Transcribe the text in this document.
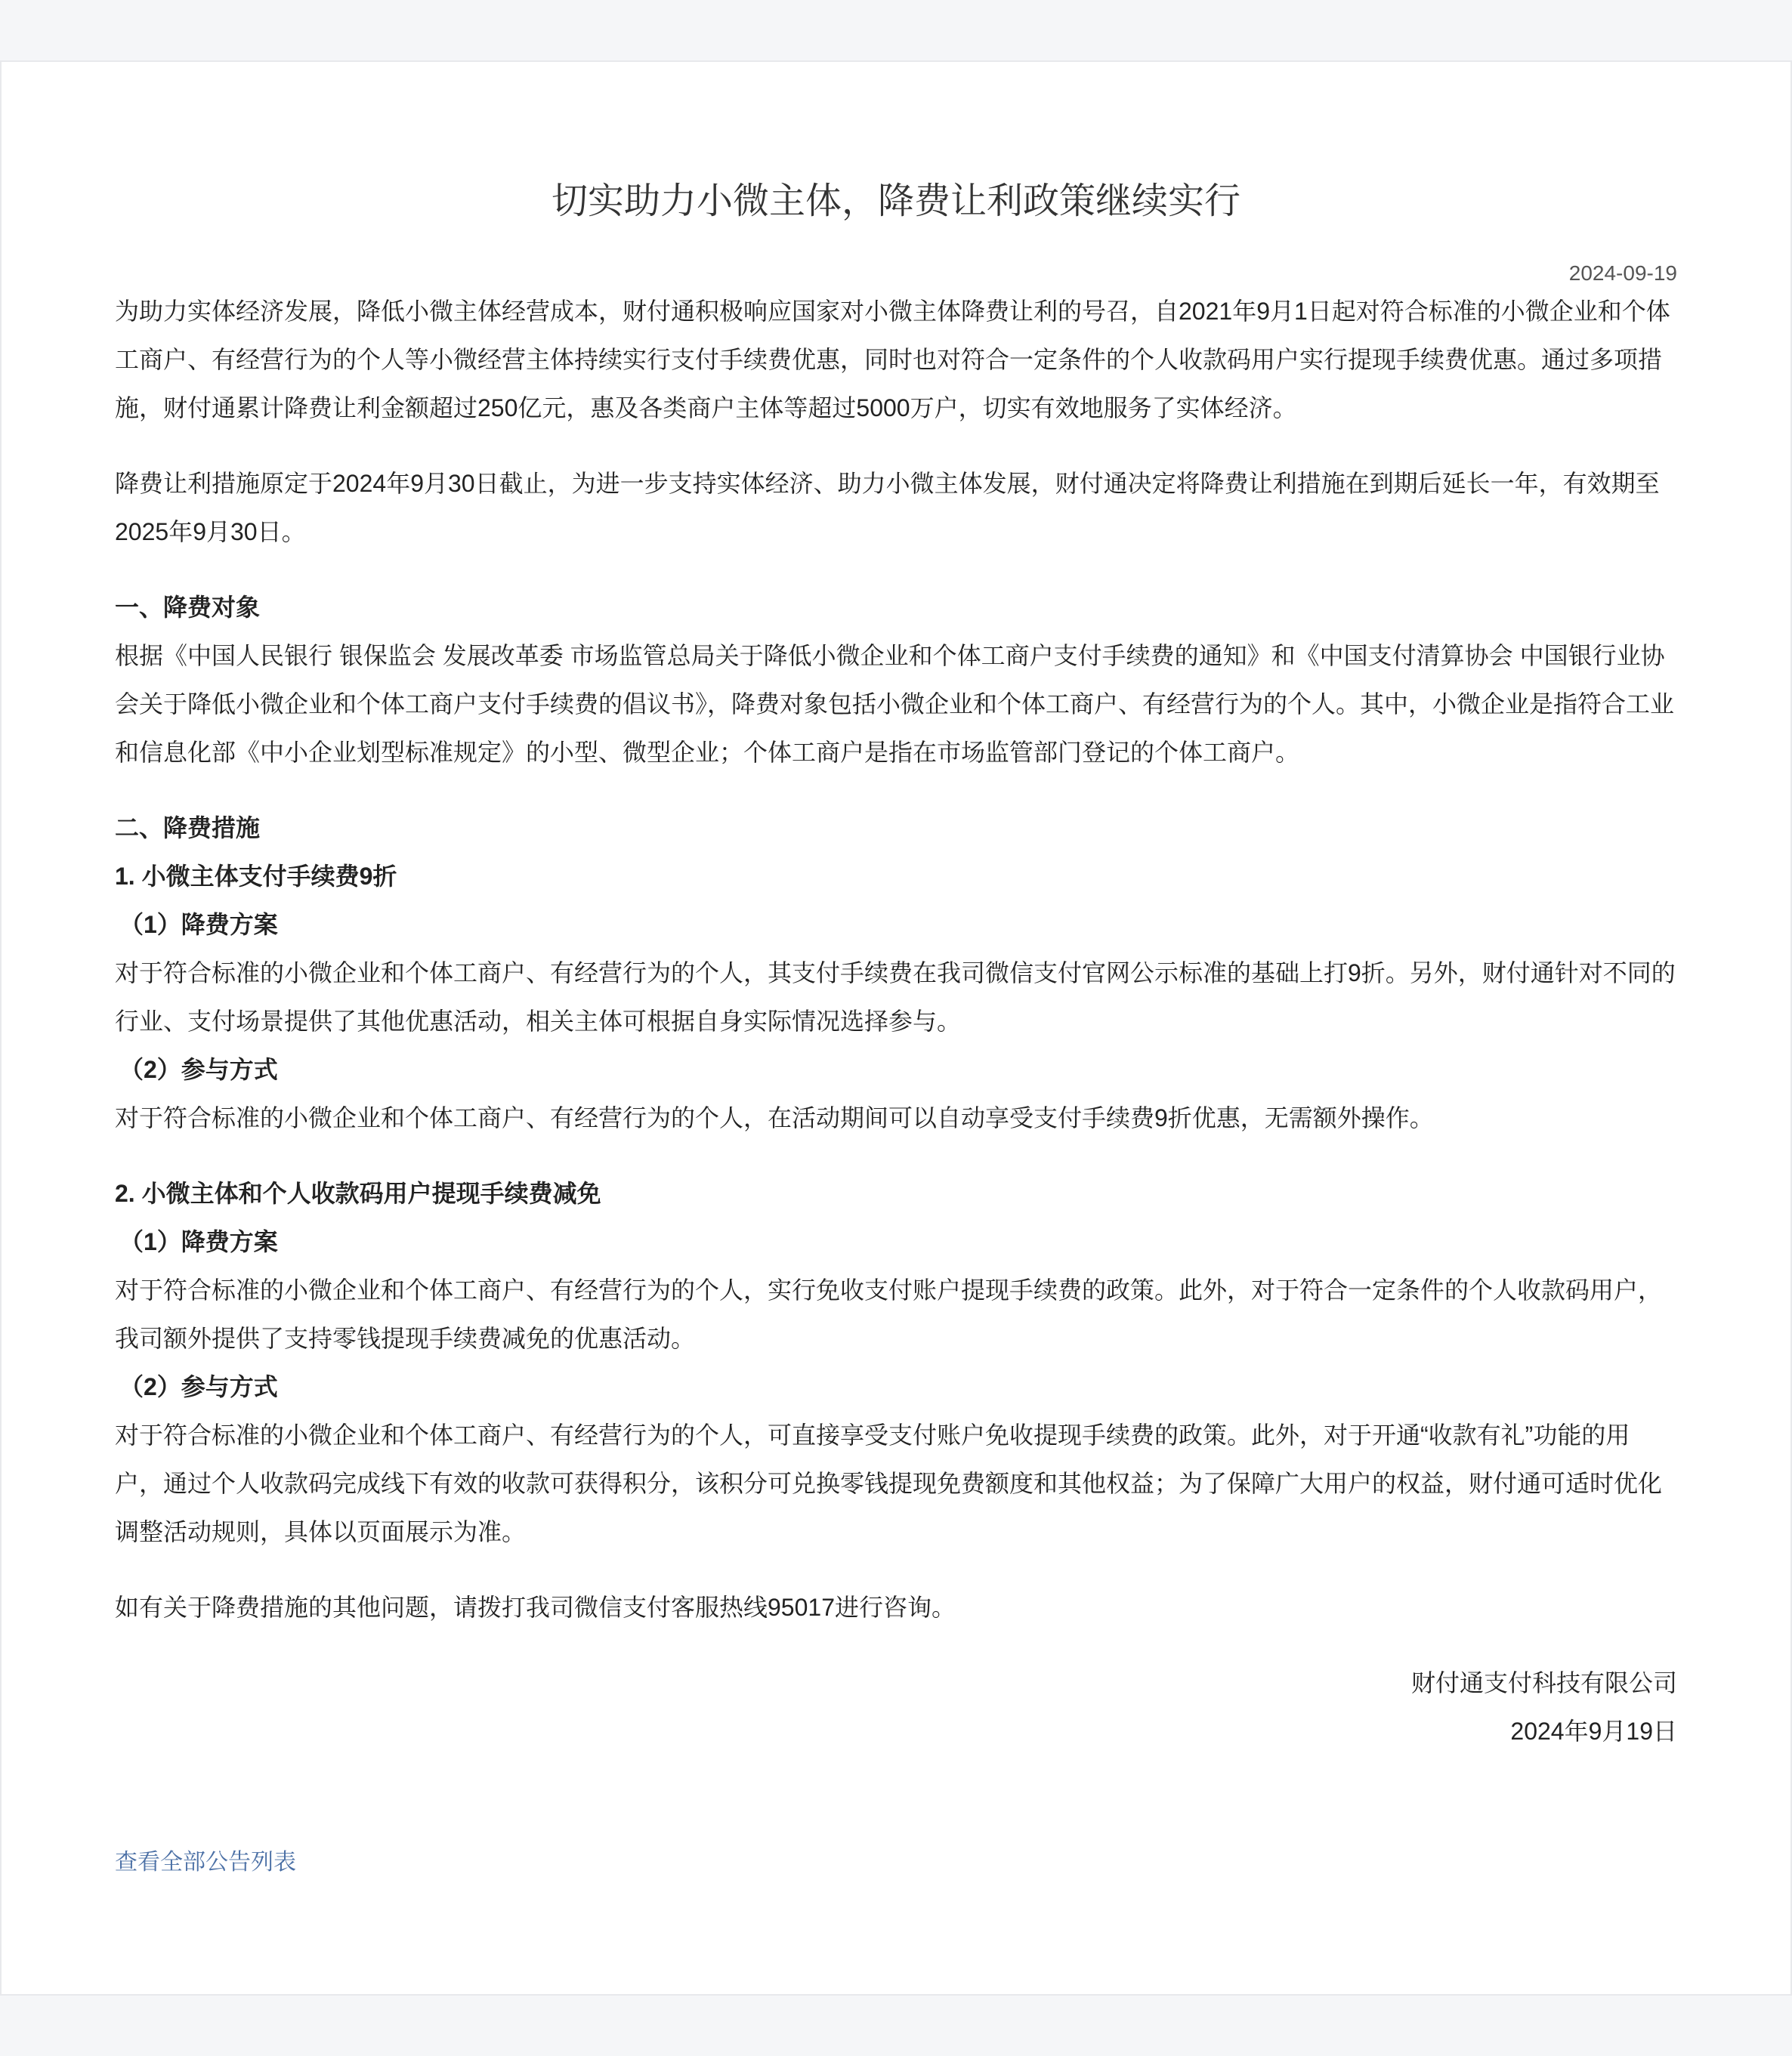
切实助力小微主体，降费让利政策继续实行
2024-09-19

为助力实体经济发展，降低小微主体经营成本，财付通积极响应国家对小微主体降费让利的号召，自2021年9月1日起对符合标准的小微企业和个体工商户、有经营行为的个人等小微经营主体持续实行支付手续费优惠，同时也对符合一定条件的个人收款码用户实行提现手续费优惠。通过多项措施，财付通累计降费让利金额超过250亿元，惠及各类商户主体等超过5000万户，切实有效地服务了实体经济。

降费让利措施原定于2024年9月30日截止，为进一步支持实体经济、助力小微主体发展，财付通决定将降费让利措施在到期后延长一年，有效期至2025年9月30日。

一、降费对象

根据《中国人民银行 银保监会 发展改革委 市场监管总局关于降低小微企业和个体工商户支付手续费的通知》和《中国支付清算协会 中国银行业协会关于降低小微企业和个体工商户支付手续费的倡议书》，降费对象包括小微企业和个体工商户、有经营行为的个人。其中，小微企业是指符合工业和信息化部《中小企业划型标准规定》的小型、微型企业；个体工商户是指在市场监管部门登记的个体工商户。

二、降费措施

1. 小微主体支付手续费9折

（1）降费方案

对于符合标准的小微企业和个体工商户、有经营行为的个人，其支付手续费在我司微信支付官网公示标准的基础上打9折。另外，财付通针对不同的行业、支付场景提供了其他优惠活动，相关主体可根据自身实际情况选择参与。

（2）参与方式

对于符合标准的小微企业和个体工商户、有经营行为的个人，在活动期间可以自动享受支付手续费9折优惠，无需额外操作。

2. 小微主体和个人收款码用户提现手续费减免

（1）降费方案

对于符合标准的小微企业和个体工商户、有经营行为的个人，实行免收支付账户提现手续费的政策。此外，对于符合一定条件的个人收款码用户，我司额外提供了支持零钱提现手续费减免的优惠活动。

（2）参与方式

对于符合标准的小微企业和个体工商户、有经营行为的个人，可直接享受支付账户免收提现手续费的政策。此外，对于开通“收款有礼”功能的用户，通过个人收款码完成线下有效的收款可获得积分，该积分可兑换零钱提现免费额度和其他权益；为了保障广大用户的权益，财付通可适时优化调整活动规则，具体以页面展示为准。

如有关于降费措施的其他问题，请拨打我司微信支付客服热线95017进行咨询。

财付通支付科技有限公司

2024年9月19日

查看全部公告列表
